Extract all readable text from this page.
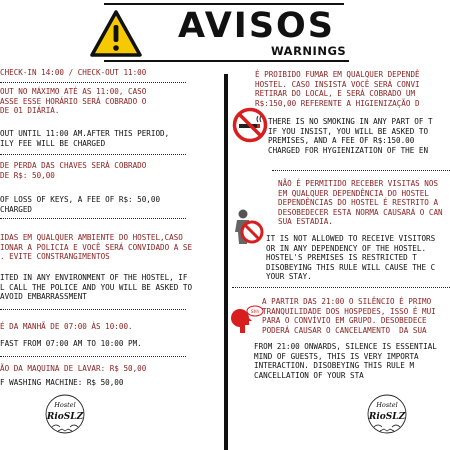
AVISOS
WARNINGS
CHECK-IN 14:00 / CHECK-OUT 11:00
OUT NO MÁXIMO ATÉ AS 11:00, CASO
ASSE ESSE HORÁRIO SERÁ COBRADO O
DE 01 DIÁRIA.
OUT UNTIL 11:00 AM.AFTER THIS PERIOD,
ILY FEE WILL BE CHARGED
DE PERDA DAS CHAVES SERÁ COBRADO
DE R$: 50,00
OF LOSS OF KEYS, A FEE OF R$: 50,00
CHARGED
IDAS EM QUALQUER AMBIENTE DO HOSTEL,CASO
IONAR A POLICIA E VOCÊ SERÁ CONVIDADO A SE
. EVITE CONSTRANGIMENTOS
ITED IN ANY ENVIRONMENT OF THE HOSTEL, IF
L CALL THE POLICE AND YOU WILL BE ASKED TO
AVOID EMBARRASSMENT
É DA MANHÃ DE 07:00 ÀS 10:00.
FAST FROM 07:00 AM TO 10:00 PM.
ÃO DA MAQUINA DE LAVAR: R$ 50,00
F WASHING MACHINE: R$ 50,00
Hostel
RioSLZ
É PROIBIDO FUMAR EM QUALQUER DEPENDÊ
HOSTEL. CASO INSISTA VOCÊ SERÁ CONVI
RETIRAR DO LOCAL, E SERÁ COBRADO UM
R$:150,00 REFERENTE A HIGIENIZAÇÃO D
THERE IS NO SMOKING IN ANY PART OF T
IF YOU INSIST, YOU WILL BE ASKED TO
PREMISES, AND A FEE OF R$:150.00
CHARGED FOR HYGIENIZATION OF THE EN
NÃO É PERMITIDO RECEBER VISITAS NOS
EM QUALQUER DEPENDÊNCIA DO HOSTEL
DEPENDÊNCIAS DO HOSTEL É RESTRITO A
DESOBEDECER ESTA NORMA CAUSARÁ O CAN
SUA ESTADIA.
IT IS NOT ALLOWED TO RECEIVE VISITORS
OR IN ANY DEPENDENCY OF THE HOSTEL.
HOSTEL'S PREMISES IS RESTRICTED T
DISOBEYING THIS RULE WILL CAUSE THE C
YOUR STAY.
Shh
A PARTIR DAS 21:00 O SILÊNCIO É PRIMO
TRANQUILIDADE DOS HOSPEDES, ISSO É MUI
PARA O CONVÍVIO EM GRUPO. DESOBEDECE
PODERÁ CAUSAR O CANCELAMENTO  DA SUA
FROM 21:00 ONWARDS, SILENCE IS ESSENTIAL
MIND OF GUESTS, THIS IS VERY IMPORTA
INTERACTION. DISOBEYING THIS RULE M
CANCELLATION OF YOUR STA
Hostel
RioSLZ
